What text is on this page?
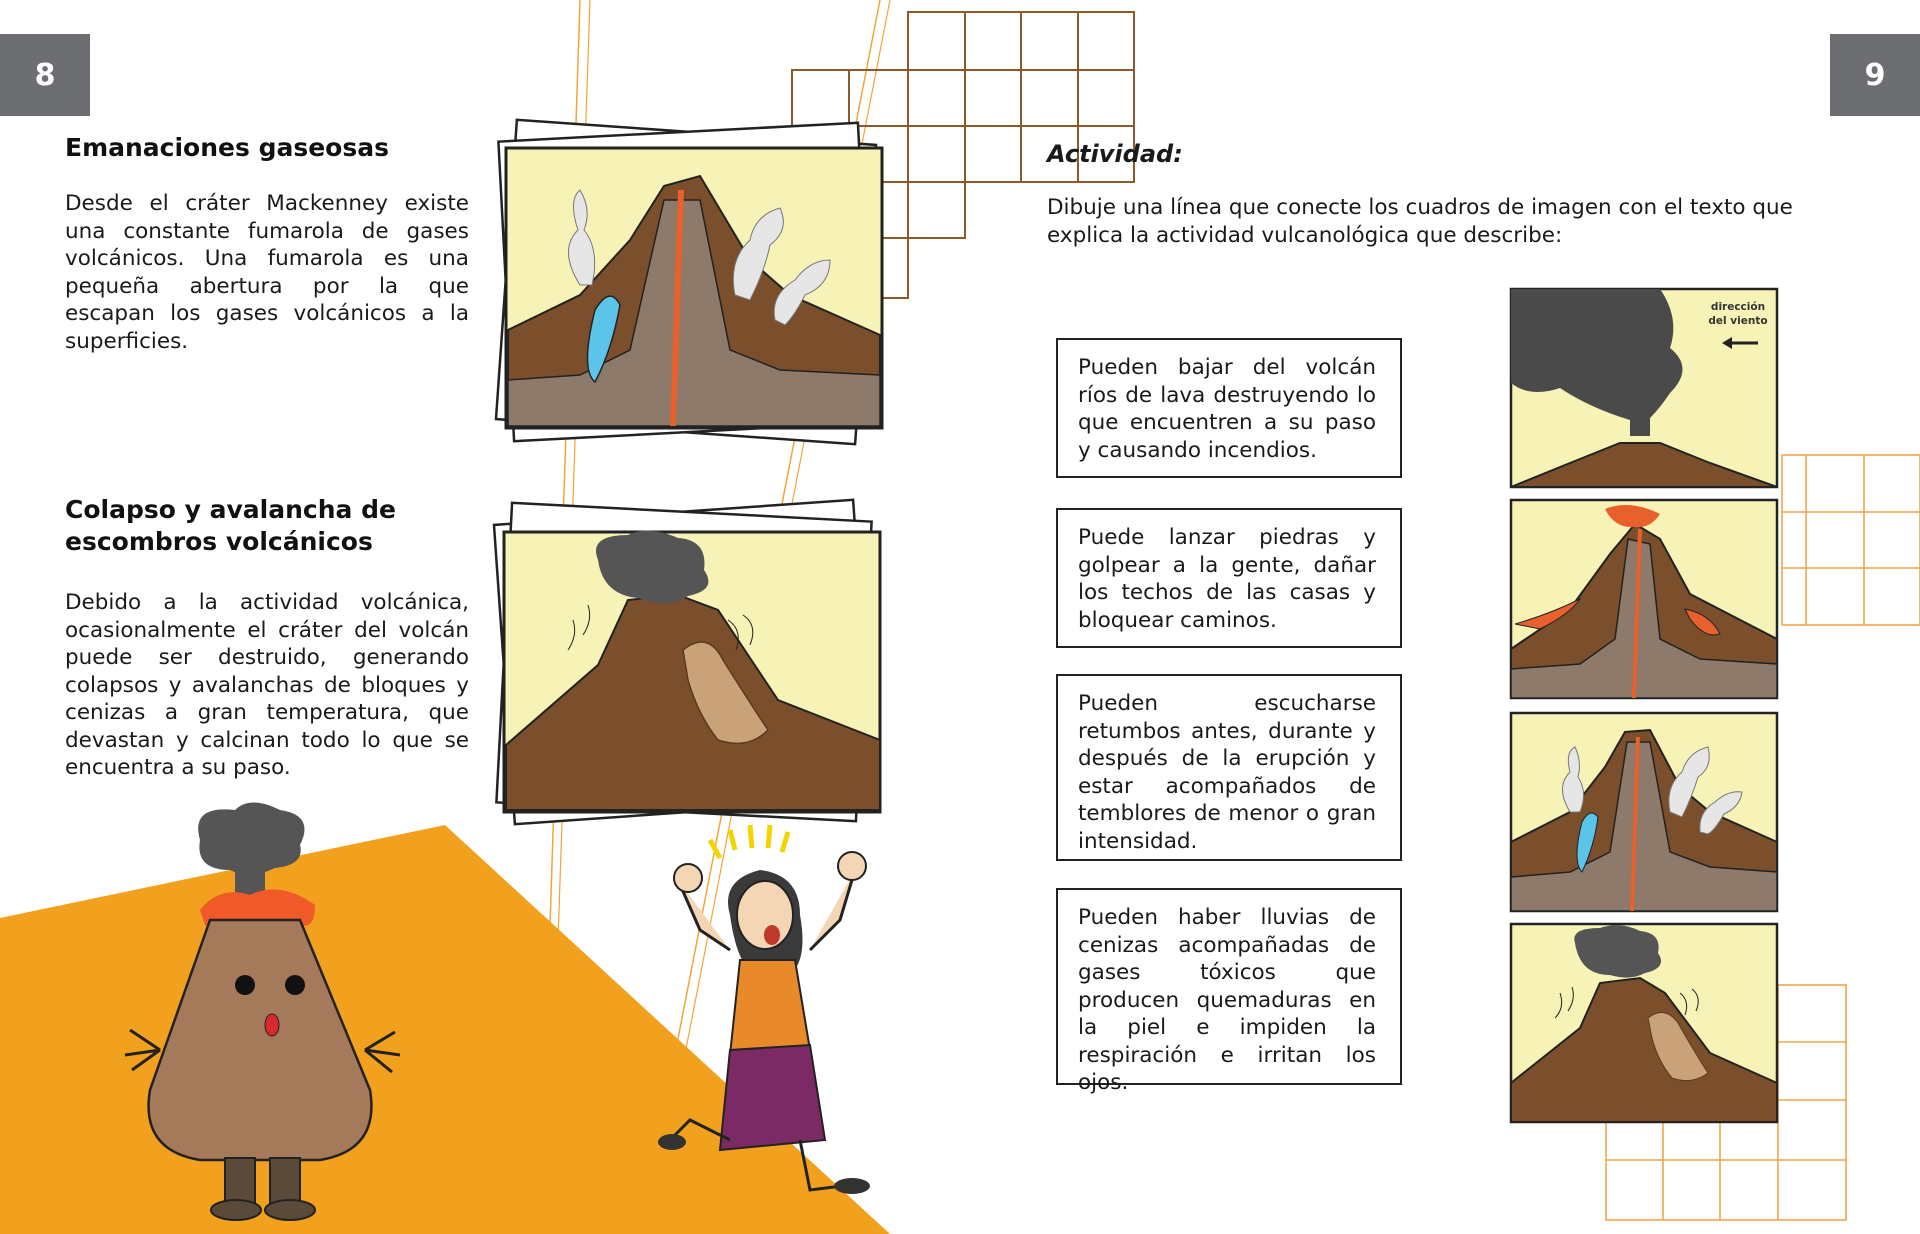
8	9
Emanaciones gaseosas
Desde el cráter Mackenney existe una constante fumarola de gases volcánicos. Una fumarola es una pequeña abertura por la que escapan los gases volcánicos a la superficies.
Colapso y avalancha de
escombros volcánicos
Debido a la actividad volcánica, ocasionalmente el cráter del volcán puede ser destruido, generando colapsos y avalanchas de bloques y cenizas a gran temperatura, que devastan y calcinan todo lo que se encuentra a su paso.
Actividad:
Dibuje una línea que conecte los cuadros de imagen con el texto que explica la actividad vulcanológica que describe:
Pueden bajar del volcán ríos de lava destruyendo lo que encuentren a su paso y causando incendios.
Puede lanzar piedras y golpear a la gente, dañar los techos de las casas y bloquear caminos.
Pueden escucharse retumbos antes, durante y después de la erupción y estar acompañados de temblores de menor o gran intensidad.
Pueden haber lluvias de cenizas acompañadas de gases tóxicos que producen quemaduras en la piel e impiden la respiración e irritan los ojos.
dirección
del viento
